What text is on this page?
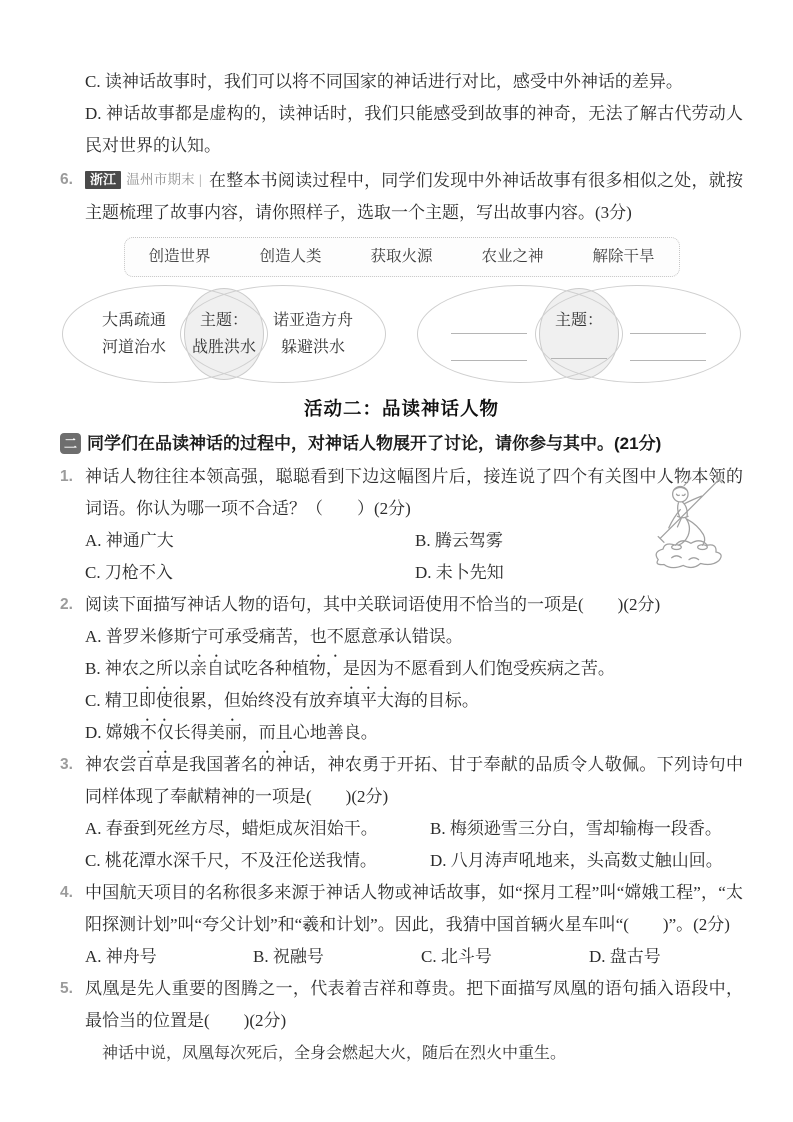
C. 读神话故事时，我们可以将不同国家的神话进行对比，感受中外神话的差异。
D. 神话故事都是虚构的，读神话时，我们只能感受到故事的神奇，无法了解古代劳动人民对世界的认知。
6. 浙江 温州市期末 | 在整本书阅读过程中，同学们发现中外神话故事有很多相似之处，就按主题梳理了故事内容，请你照样子，选取一个主题，写出故事内容。(3分)
创造世界	创造人类	获取火源	农业之神	解除干旱
大禹疏通
河道治水
主题：
战胜洪水
诺亚造方舟
躲避洪水
主题：
活动二：品读神话人物
二 同学们在品读神话的过程中，对神话人物展开了讨论，请你参与其中。(21分)
1. 神话人物往往本领高强，聪聪看到下边这幅图片后，接连说了四个有关图中人物本领的词语。你认为哪一项不合适？（　　）(2分)
A. 神通广大	B. 腾云驾雾
C. 刀枪不入	D. 未卜先知
2. 阅读下面描写神话人物的语句，其中关联词语使用不恰当的一项是(　　)(2分)
A. 普罗米修斯宁可承受痛苦，也不愿意承认错误。
B. 神农之所以亲自试吃各种植物，是因为不愿看到人们饱受疾病之苦。
C. 精卫即使很累，但始终没有放弃填平大海的目标。
D. 嫦娥不仅长得美丽，而且心地善良。
3. 神农尝百草是我国著名的神话，神农勇于开拓、甘于奉献的品质令人敬佩。下列诗句中同样体现了奉献精神的一项是(　　)(2分)
A. 春蚕到死丝方尽，蜡炬成灰泪始干。	B. 梅须逊雪三分白，雪却输梅一段香。
C. 桃花潭水深千尺，不及汪伦送我情。	D. 八月涛声吼地来，头高数丈触山回。
4. 中国航天项目的名称很多来源于神话人物或神话故事，如“探月工程”叫“嫦娥工程”，“太阳探测计划”叫“夸父计划”和“羲和计划”。因此，我猜中国首辆火星车叫“(　　)”。(2分)
A. 神舟号	B. 祝融号	C. 北斗号	D. 盘古号
5. 凤凰是先人重要的图腾之一，代表着吉祥和尊贵。把下面描写凤凰的语句插入语段中，最恰当的位置是(　　)(2分)
神话中说，凤凰每次死后，全身会燃起大火，随后在烈火中重生。
